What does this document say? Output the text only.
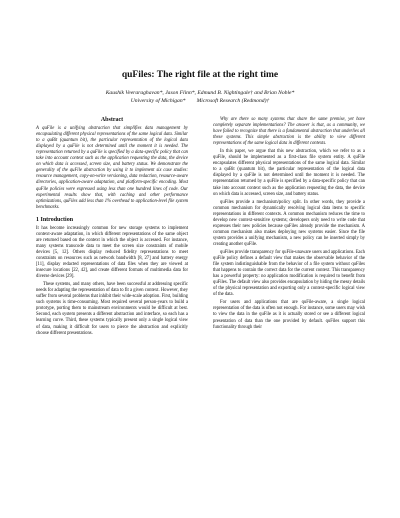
quFiles: The right file at the right time
Kaushik Veeraraghavan*, Jason Flinn*, Edmund B. Nightingale† and Brian Noble*
University of Michigan*        Microsoft Research (Redmond)†
Abstract

A quFile is a unifying abstraction that simplifies data management by encapsulating different physical representations of the same logical data. Similar to a quBit (quantum bit), the particular representation of the logical data displayed by a quFile is not determined until the moment it is needed. The representation returned by a quFile is specified by a data-specific policy that can take into account context such as the application requesting the data, the device on which data is accessed, screen size, and battery status. We demonstrate the generality of the quFile abstraction by using it to implement six case studies: resource management, copy-on-write versioning, data redaction, resource-aware directories, application-aware adaptation, and platform-specific encoding. Most quFile policies were expressed using less than one hundred lines of code. Our experimental results show that, with caching and other performance optimizations, quFiles add less than 1% overhead to application-level file system benchmarks.

1 Introduction

It has become increasingly common for new storage systems to implement context-aware adaptation, in which different representations of the same object are returned based on the context in which the object is accessed. For instance, many systems transcode data to meet the screen size constraints of mobile devices [5, 12]. Others display reduced fidelity representations to meet constraints on resources such as network bandwidth [8, 27] and battery energy [11], display redacted representations of data files when they are viewed at insecure locations [22, 42], and create different formats of multimedia data for diverse devices [29].

These systems, and many others, have been successful at addressing specific needs for adapting the representation of data to fit a given context. However, they suffer from several problems that inhibit their wide-scale adoption. First, building such systems is time-consuming. Most required several person-years to build a prototype, porting them to mainstream environments would be difficult at best. Second, each system presents a different abstraction and interface, so each has a learning curve. Third, these systems typically present only a single logical view of data, making it difficult for users to pierce the abstraction and explicitly choose different presentations.

Why are there so many systems that share the same premise, yet have completely separate implementations? The answer is that, as a community, we have failed to recognize that there is a fundamental abstraction that underlies all these systems. This simple abstraction is the ability to view different representations of the same logical data in different contexts.

In this paper, we argue that this new abstraction, which we refer to as a quFile, should be implemented as a first-class file system entity. A quFile encapsulates different physical representations of the same logical data. Similar to a quBit (quantum bit), the particular representation of the logical data displayed by a quFile is not determined until the moment it is needed. The representation returned by a quFile is specified by a data-specific policy that can take into account context such as the application requesting the data, the device on which data is accessed, screen size, and battery status.

quFiles provide a mechanism/policy split. In other words, they provide a common mechanism for dynamically resolving logical data items to specific representations in different contexts. A common mechanism reduces the time to develop new context-sensitive systems; developers only need to write code that expresses their new policies because quFiles already provide the mechanism. A common mechanism also makes deploying new systems easier. Since the file system provides a unifying mechanism, a new policy can be inserted simply by creating another quFile.

quFiles provide transparency for quFile-unaware users and applications. Each quFile policy defines a default view that makes the observable behavior of the file system indistinguishable from the behavior of a file system without quFiles that happens to contain the correct data for the current context. This transparency has a powerful property: no application modification is required to benefit from quFiles. The default view also provides encapsulation by hiding the messy details of the physical representation and exporting only a context-specific logical view of the data.

For users and applications that are quFile-aware, a single logical representation of the data is often not enough. For instance, some users may wish to view the data in the quFile as it is actually stored or see a different logical presentation of data than the one provided by default. quFiles support this functionality through their
